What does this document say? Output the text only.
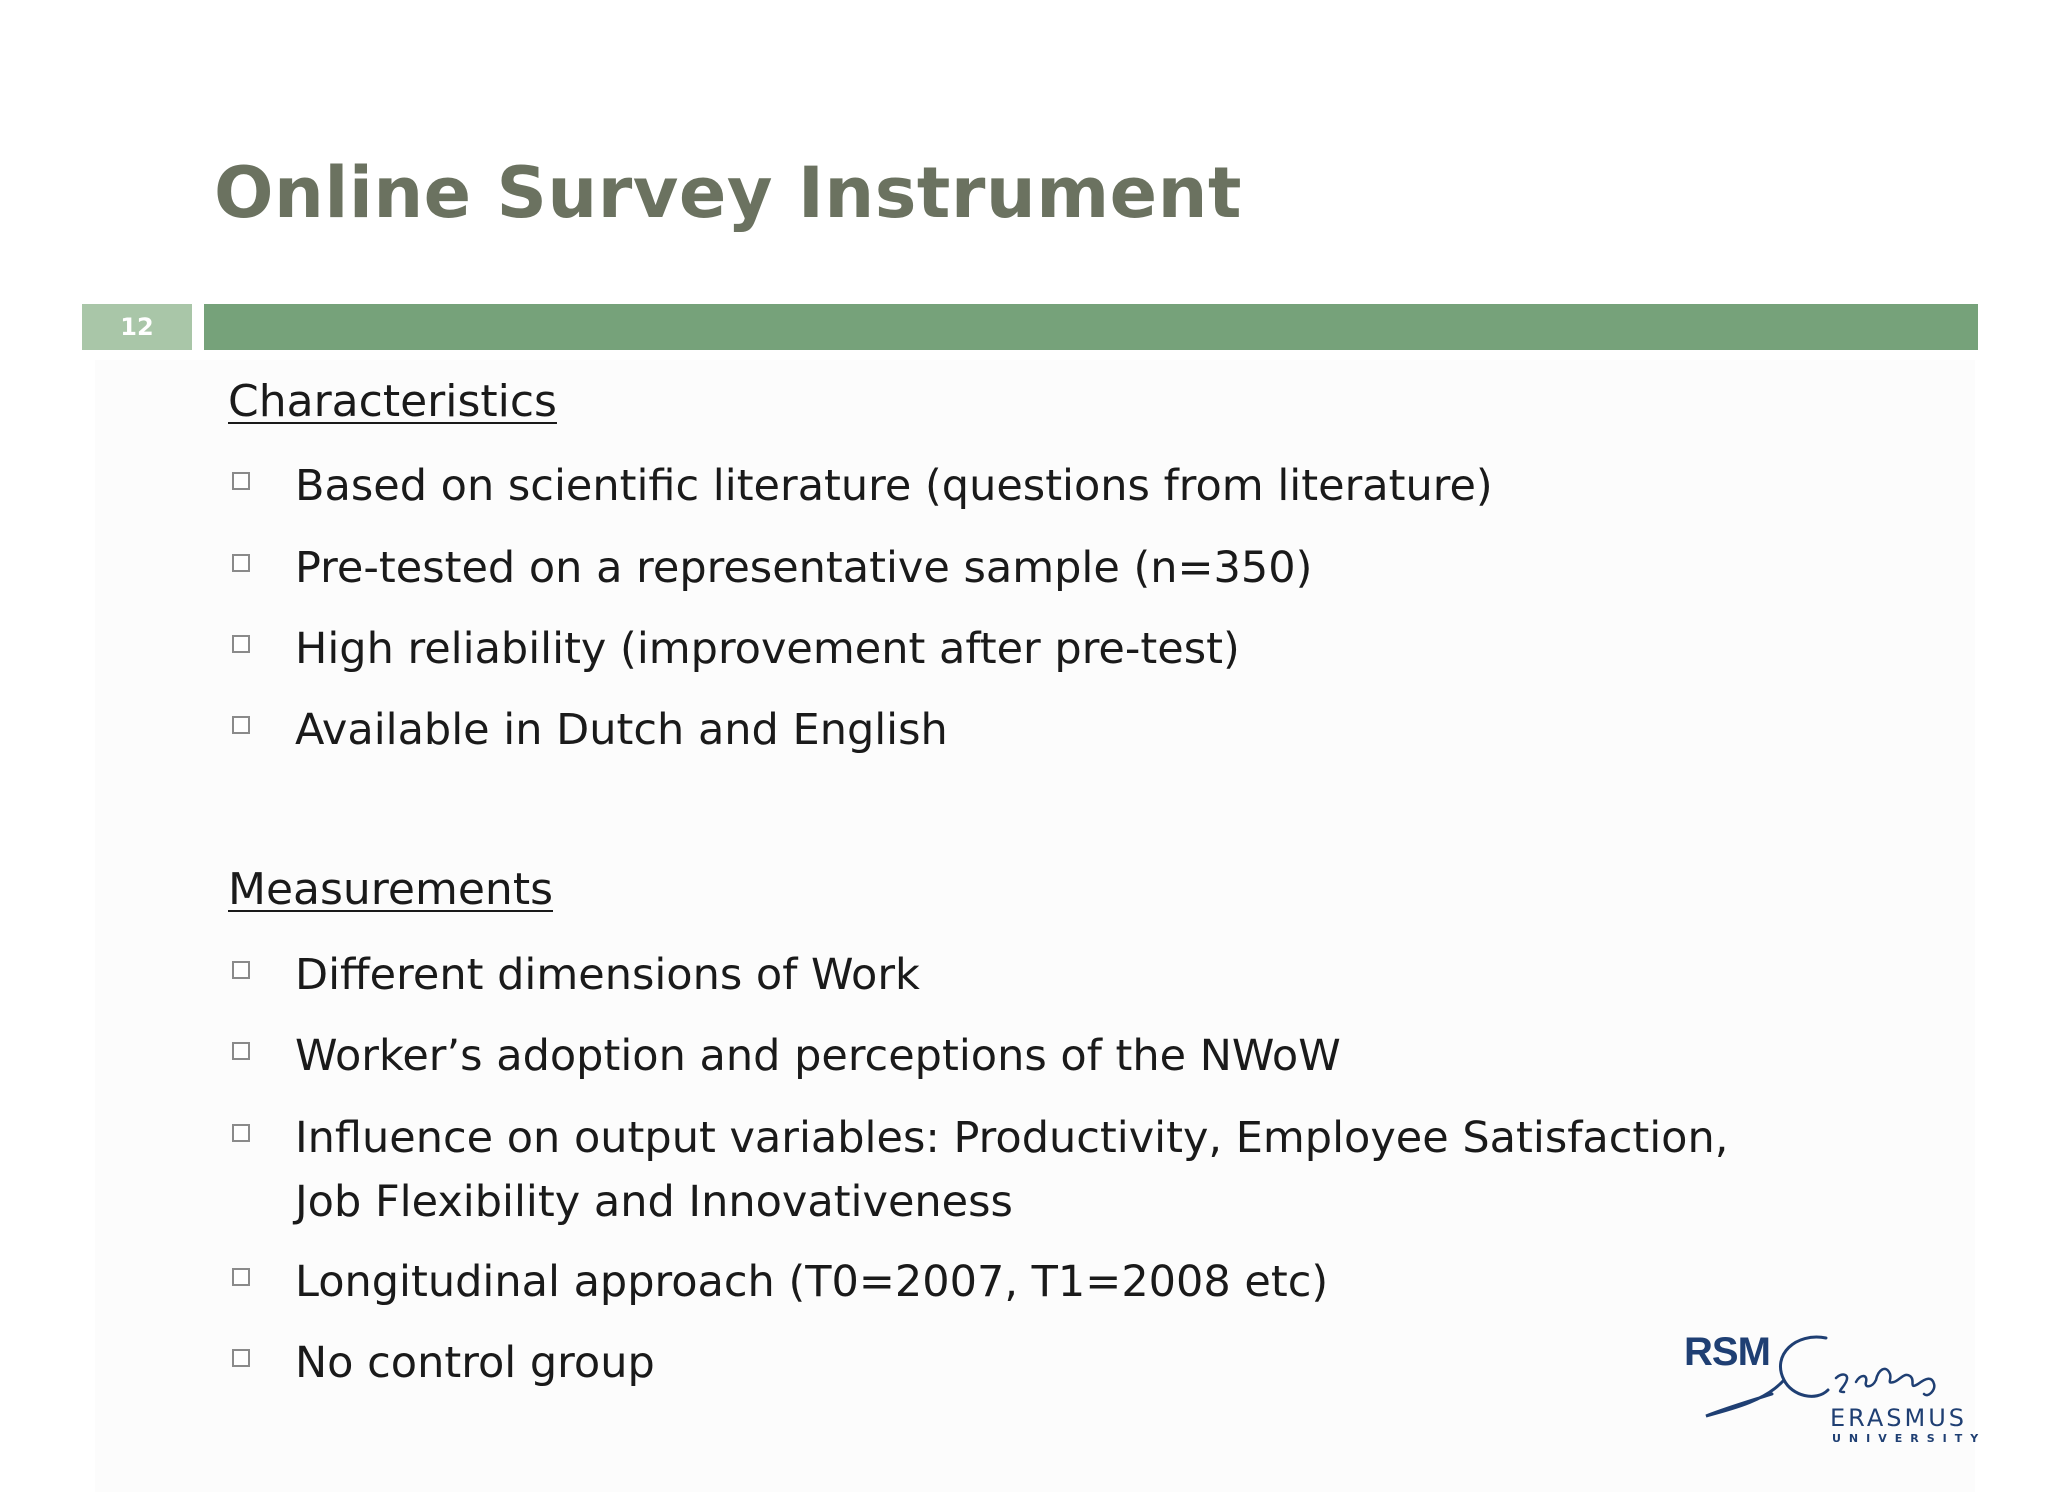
Online Survey Instrument
12
Characteristics
Based on scientific literature (questions from literature)
Pre-tested on a representative sample (n=350)
High reliability (improvement after pre-test)
Available in Dutch and English
Measurements
Different dimensions of Work
Worker’s adoption and perceptions of the NWoW
Influence on output variables: Productivity, Employee Satisfaction, Job Flexibility and Innovativeness
Longitudinal approach (T0=2007, T1=2008 etc)
No control group	RSM
ERASMUS
UNIVERSITY
